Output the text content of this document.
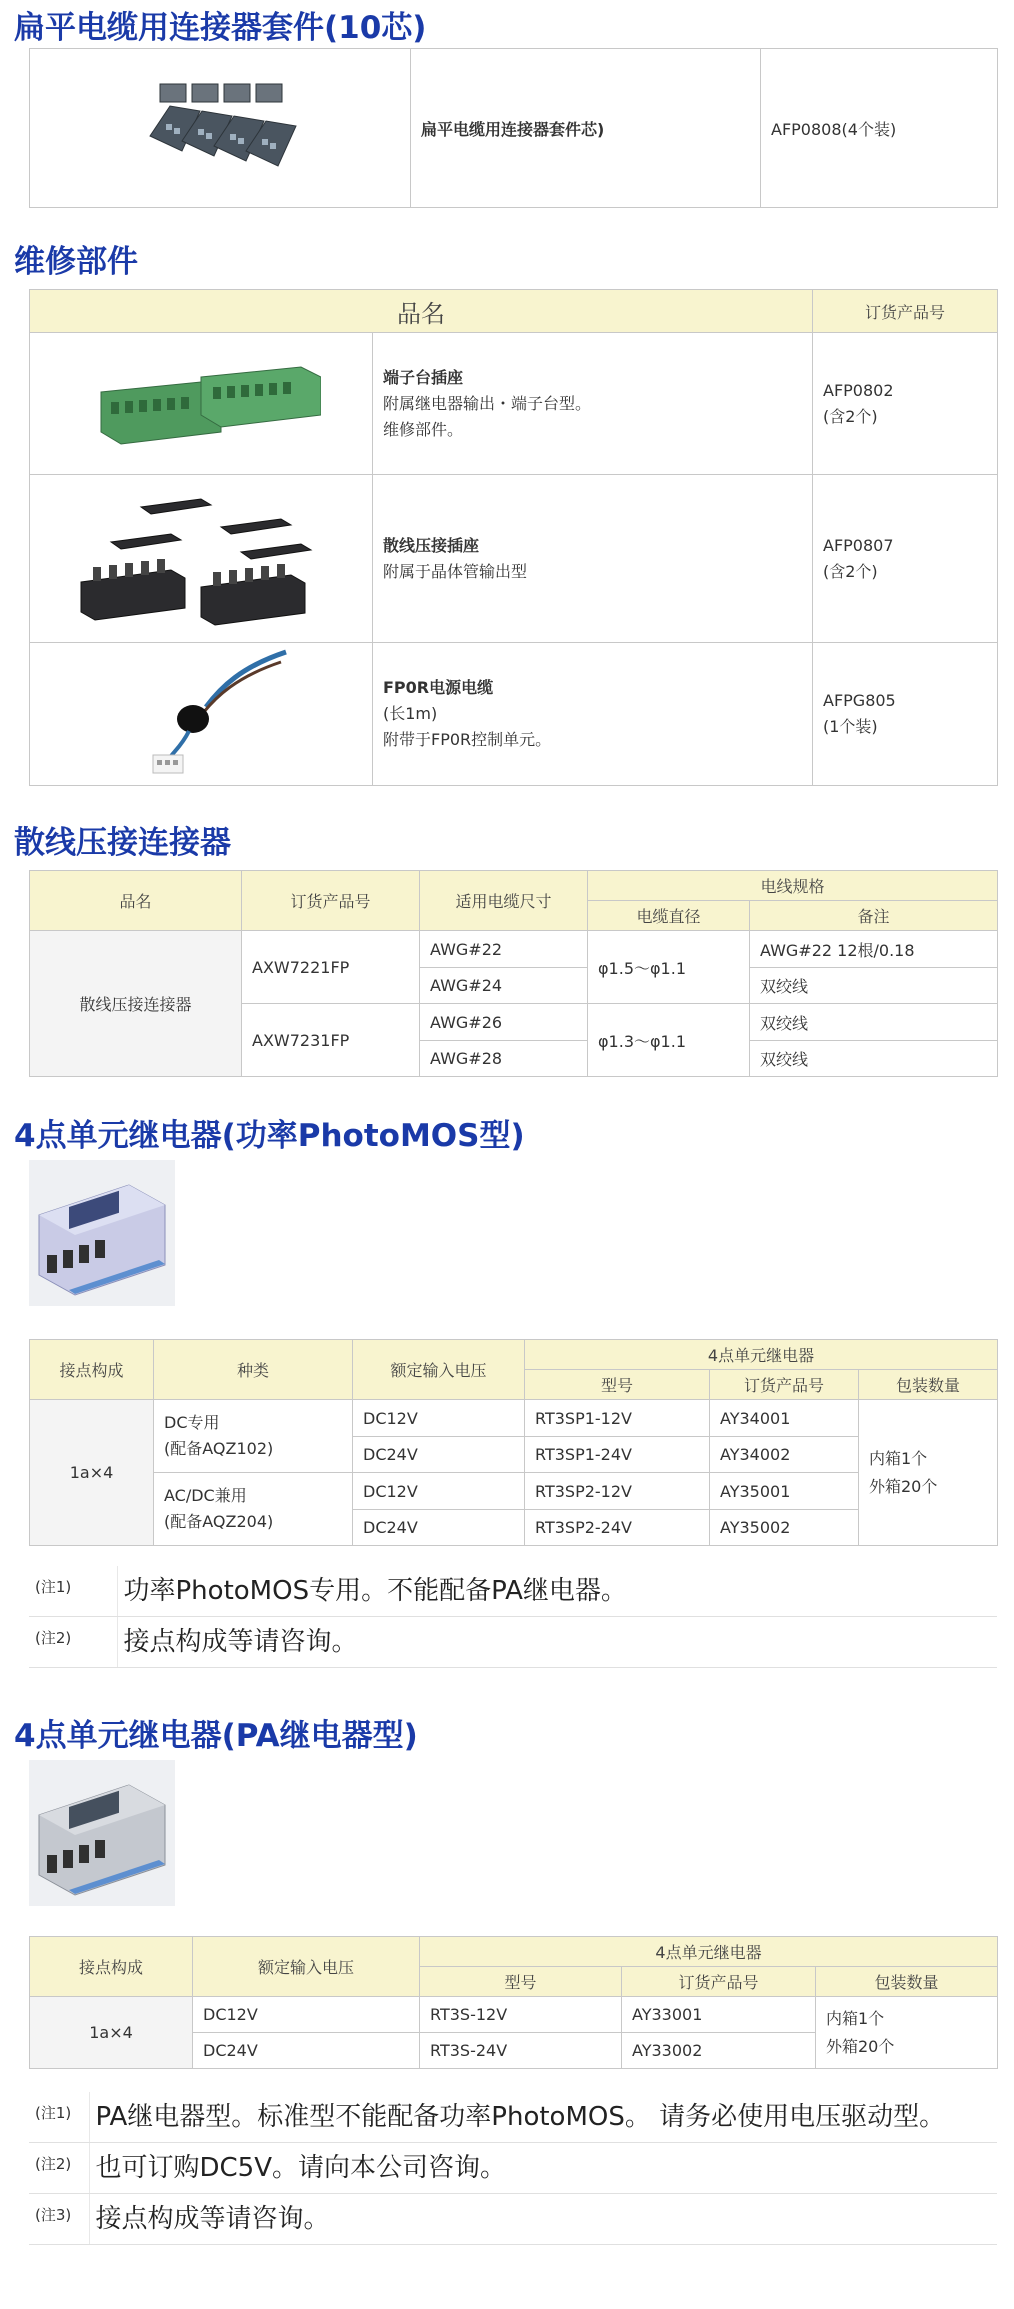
扁平电缆用连接器套件(10芯)

扁平电缆用连接器套件芯)	AFP0808(4个装)
维修部件
品名		订货产品号

端子台插座
附属继电器输出・端子台型。
维修部件。	AFP0802
(含2个)

散线压接插座
附属于晶体管输出型	AFP0807
(含2个)

FP0R电源电缆
(长1m)
附带于FP0R控制单元。	AFPG805
(1个装)
散线压接连接器
品名	订货产品号	适用电缆尺寸	电线规格	
			电缆直径	备注
散线压接连接器	AXW7221FP	AWG#22	φ1.5～φ1.1	AWG#22 12根/0.18
		AWG#24		双绞线
	AXW7231FP	AWG#26	φ1.3～φ1.1	双绞线
		AWG#28		双绞线
4点单元继电器(功率PhotoMOS型)
接点构成	种类	额定输入电压	4点单元继电器		
			型号	订货产品号	包装数量
1a×4	DC专用
(配备AQZ102)	DC12V	RT3SP1-12V	AY34001	内箱1个
外箱20个

		DC24V	RT3SP1-24V	AY34002	

	AC/DC兼用
(配备AQZ204)	DC12V	RT3SP2-12V	AY35001	
		DC24V	RT3SP2-24V	AY35002	
(注1)	功率PhotoMOS专用。不能配备PA继电器。
(注2)	接点构成等请咨询。
4点单元继电器(PA继电器型)
接点构成	额定输入电压	4点单元继电器		
		型号	订货产品号	包装数量
1a×4	DC12V	RT3S-12V	AY33001	内箱1个
外箱20个

	DC24V	RT3S-24V	AY33002	
(注1)	PA继电器型。标准型不能配备功率PhotoMOS。 请务必使用电压驱动型。
(注2)	也可订购DC5V。请向本公司咨询。
(注3)	接点构成等请咨询。
